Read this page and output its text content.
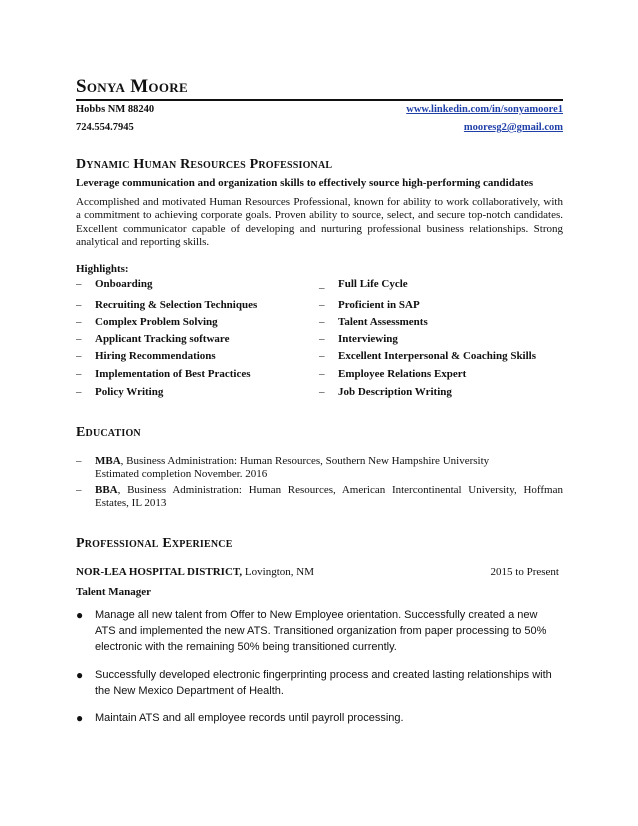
Sonya Moore
Hobbs NM 88240	www.linkedin.com/in/sonyamoore1
724.554.7945	mooresg2@gmail.com
Dynamic Human Resources Professional
Leverage communication and organization skills to effectively source high-performing candidates
Accomplished and motivated Human Resources Professional, known for ability to work collaboratively, with a commitment to achieving corporate goals. Proven ability to source, select, and secure top-notch candidates. Excellent communicator capable of developing and nurturing professional business relationships. Strong analytical and reporting skills.
Highlights:
– Onboarding
– Recruiting & Selection Techniques
– Complex Problem Solving
– Applicant Tracking software
– Hiring Recommendations
– Implementation of Best Practices
– Policy Writing
_ Full Life Cycle
– Proficient in SAP
– Talent Assessments
– Interviewing
– Excellent Interpersonal & Coaching Skills
– Employee Relations Expert
– Job Description Writing
Education
– MBA, Business Administration: Human Resources, Southern New Hampshire University
Estimated completion November. 2016
– BBA, Business Administration: Human Resources, American Intercontinental University, Hoffman Estates, IL 2013
Professional Experience
NOR-LEA HOSPITAL DISTRICT, Lovington, NM	2015 to Present
Talent Manager
● Manage all new talent from Offer to New Employee orientation. Successfully created a new ATS and implemented the new ATS. Transitioned organization from paper processing to 50% electronic with the remaining 50% being transitioned currently.
● Successfully developed electronic fingerprinting process and created lasting relationships with the New Mexico Department of Health.
● Maintain ATS and all employee records until payroll processing.
